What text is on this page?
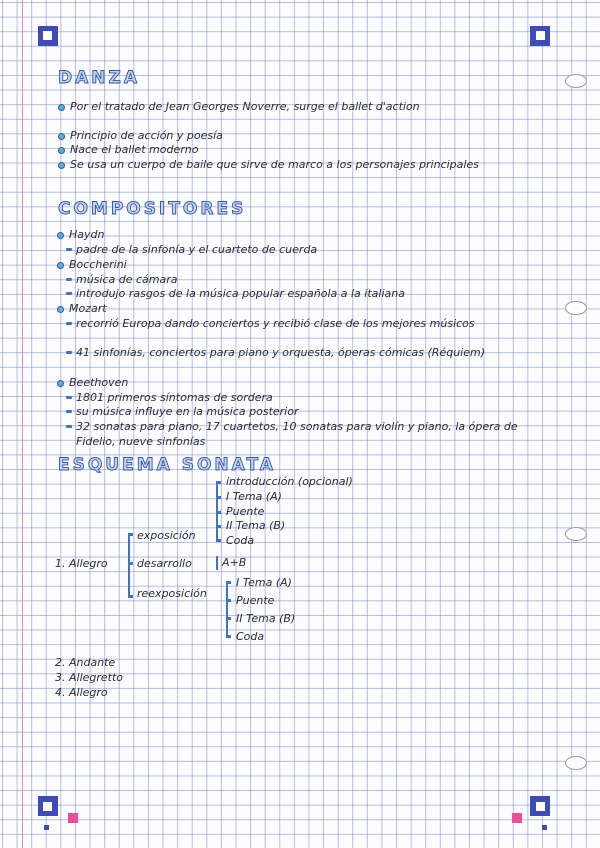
DANZA

Por el tratado de Jean Georges Noverre, surge el ballet d'action

Principio de acción y poesía

Nace el ballet moderno

Se usa un cuerpo de baile que sirve de marco a los personajes principales

COMPOSITORES

Haydn

padre de la sinfonía y el cuarteto de cuerda

Boccherini

música de cámara

introdujo rasgos de la música popular española a la italiana

Mozart

recorrió Europa dando conciertos y recibió clase de los mejores músicos

41 sinfonías, conciertos para piano y orquesta, óperas cómicas (Réquiem)

Beethoven

1801 primeros síntomas de sordera

su música influye en la música posterior

32 sonatas para piano, 17 cuartetos, 10 sonatas para violín y piano, la ópera de Fidelio, nueve sinfonías

ESQUEMA SONATA

1. Allegro

exposición

desarrollo

reexposición

introducción (opcional)

I Tema (A)

Puente

II Tema (B)

Coda

A+B

I Tema (A)

Puente

II Tema (B)

Coda

2. Andante

3. Allegretto

4. Allegro
